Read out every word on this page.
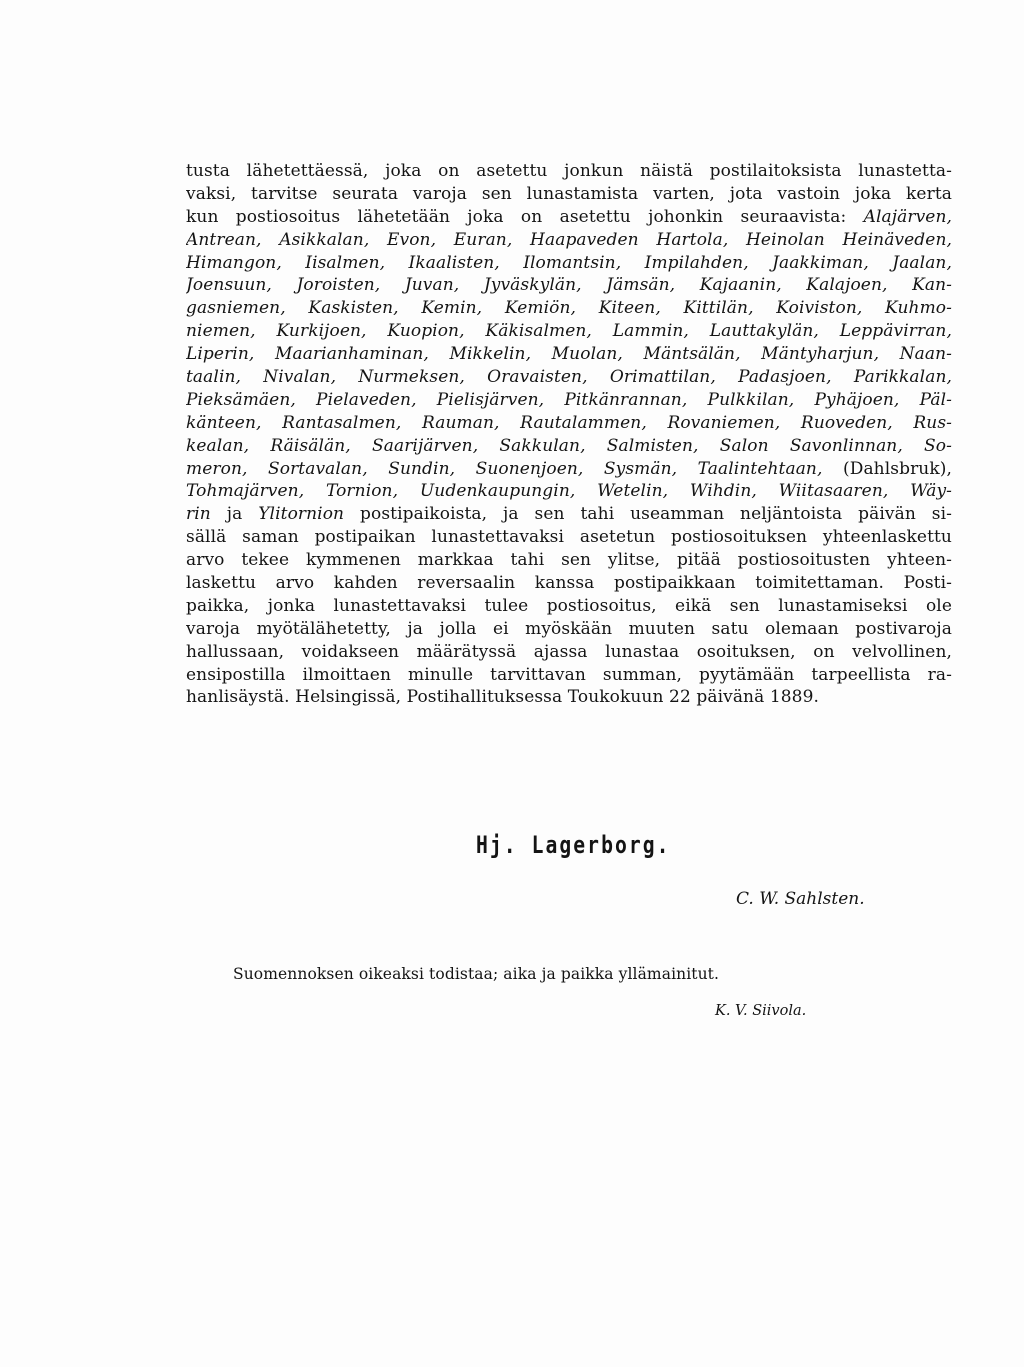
tusta lähetettäessä, joka on asetettu jonkun näistä postilaitoksista lunastetta-
vaksi, tarvitse seurata varoja sen lunastamista varten, jota vastoin joka kerta
kun postiosoitus lähetetään joka on asetettu johonkin seuraavista: Alajärven,
Antrean, Asikkalan, Evon, Euran, Haapaveden Hartola, Heinolan Heinäveden,
Himangon, Iisalmen, Ikaalisten, Ilomantsin, Impilahden, Jaakkiman, Jaalan,
Joensuun, Joroisten, Juvan, Jyväskylän, Jämsän, Kajaanin, Kalajoen, Kan-
gasniemen, Kaskisten, Kemin, Kemiön, Kiteen, Kittilän, Koiviston, Kuhmo-
niemen, Kurkijoen, Kuopion, Käkisalmen, Lammin, Lauttakylän, Leppävirran,
Liperin, Maarianhaminan, Mikkelin, Muolan, Mäntsälän, Mäntyharjun, Naan-
taalin, Nivalan, Nurmeksen, Oravaisten, Orimattilan, Padasjoen, Parikkalan,
Pieksämäen, Pielaveden, Pielisjärven, Pitkänrannan, Pulkkilan, Pyhäjoen, Päl-
känteen, Rantasalmen, Rauman, Rautalammen, Rovaniemen, Ruoveden, Rus-
kealan, Räisälän, Saarijärven, Sakkulan, Salmisten, Salon Savonlinnan, So-
meron, Sortavalan, Sundin, Suonenjoen, Sysmän, Taalintehtaan, (Dahlsbruk),
Tohmajärven, Tornion, Uudenkaupungin, Wetelin, Wihdin, Wiitasaaren, Wäy-
rin ja Ylitornion postipaikoista, ja sen tahi useamman neljäntoista päivän si-
sällä saman postipaikan lunastettavaksi asetetun postiosoituksen yhteenlaskettu
arvo tekee kymmenen markkaa tahi sen ylitse, pitää postiosoitusten yhteen-
laskettu arvo kahden reversaalin kanssa postipaikkaan toimitettaman. Posti-
paikka, jonka lunastettavaksi tulee postiosoitus, eikä sen lunastamiseksi ole
varoja myötälähetetty, ja jolla ei myöskään muuten satu olemaan postivaroja
hallussaan, voidakseen määrätyssä ajassa lunastaa osoituksen, on velvollinen,
ensipostilla ilmoittaen minulle tarvittavan summan, pyytämään tarpeellista ra-
hanlisäystä. Helsingissä, Postihallituksessa Toukokuun 22 päivänä 1889.
Hj. Lagerborg.
C. W. Sahlsten.
Suomennoksen oikeaksi todistaa; aika ja paikka yllämainitut.
K. V. Siivola.
